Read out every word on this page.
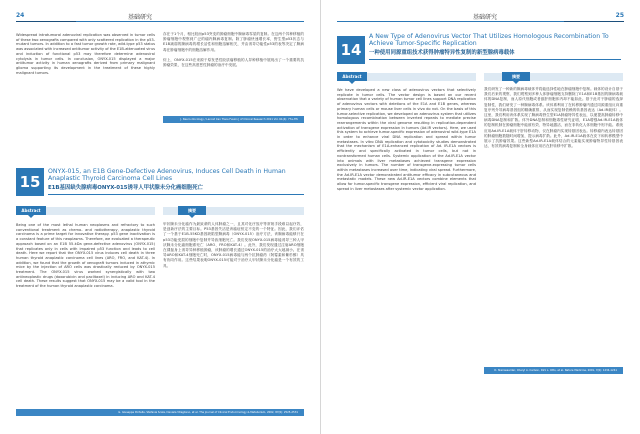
24	基础研究
Widespread intratumoral adenoviral replication was observed in tumor cells of these two xenografts compared with only scattered replication in the p53-mutant tumors. In addition to a fast tumor growth rate, wild-type p53 status was associated with increased antitumor activity of the E1B-attenuated virus and induction of functional p53 may therefore determine adenoviral cytolysis in tumor cells. In conclusion, ONYX-015 displayed a major antitumor activity in human xenografts derived from primary malignant glioma supporting its development in the treatment of these highly malignant tumors.
存在于1个月，相比较而p53突变的肿瘤细胞中腺病毒零星的复制。在这两个异种移植的肿瘤细胞中观察到广泛的瘤内腺病毒复制。除了肿瘤快速增长率，野生型p53状态与E1B减弱的腺病毒的增长活性和细胞溶解相关，并由诱导功能性p53的表等决定了腺病毒在肿瘤细胞中的细胞溶解作用。

综上，ONYX-015在来源于原发恶性胶质瘤移植的人异种移植中展现出了一个重要的抗肿瘤效果，在这些高度恶性肿瘤的治疗中发展。
J. Neuro-Oncology / Lancet Can Trans Fusion J of Clinical Research 2011 Vol. 61(4): 77a-7fb
15
ONYX-015, an E1B Gene-Defective Adenovirus, Induces Cell Death in Human Anaplastic Thyroid Carcinoma Cell Lines
E1B基因缺失腺病毒ONYX-015诱导人甲状腺未分化癌细胞死亡
Abstract	摘要
Being one of the most lethal human neoplasms and refractory to such conventional treatment as chemo- and radiotherapy, anaplastic thyroid carcinoma is a prime target for innovative therapy. p53 gene inactivation is a constant feature of this neoplasms. Therefore, we evaluated a therapeutic approach based on an E1B 55-kDa gene-defective adenovirus (ONYX-015) that replicates only in cells with impaired p53 function and leads to cell death. Here we report that the ONYX-015 virus induces cell death in three human thyroid anaplastic carcinoma cell lines (ARO, FRO, and KAT-4). In addition, we found that the growth of xenograft tumors induced in athymic mice by the injection of ARO cells was drastically reduced by ONYX-015 treatment. The ONYX-015 virus worked synergistically with two antineoplastic drugs (doxorubicin and paclitaxel) in inducing ARO and KAT-4 cell death. These results suggest that ONYX-015 may be a valid tool in the treatment of the human thyroid anaplastic carcinoma.
甲状腺未分化癌作为最致命的人体肿瘤之一，且其对化疗放疗等常规手段难以起疗效，是创新疗法的主要目标。P53基因失活是该癌症恒定不变的一个特征。因此，我们评估了一个基于E1B-55KD基因缺陷型腺病毒（ONYX-015）治疗方法，该腺病毒能够只在p53功能受损的细胞中复制并导致细胞死亡。我们发现ONYX-015病毒能诱导三种人甲状腺未分化癌细胞系死亡（ARO、FRO和KAT-4）。此外，我们发现通过注射ARO细胞在裸鼠身上诱导异种移植肿瘤，该肿瘤的增长通过ONYX-015的治疗大大地减小。在诱导ARO和KAT-4细胞死亡时，ONYX-015病毒能与两个抗肿瘤药（阿霉素和紫杉醇）具有协同作用。这些结果表明ONYX-015可能对于治疗人甲状腺未分化癌是一个有效的工具。
G. Giuseppe Portella, Stefania Scala, Daniela Vitagliano, et al. The Journal of Clinical Endocrinology & Metabolism, 2002, 87(6): 2525-2531
基础研究	25
14
A New Type of Adenovirus Vector That Utilizes Homologous Recombination To Achieve Tumor-Specific Replication
一种使用同源重组技术获得肿瘤特异性复制的新型腺病毒载体
Abstract	摘要
We have developed a new class of adenovirus vectors that selectively replicate in tumor cells. The vector design is based on our recent observation that a variety of human tumor cell lines support DNA replication of adenovirus vectors with deletions of the E1A and E1B genes, whereas primary human cells or mouse liver cells in vivo do not. On the basis of this tumor-selective replication, we developed an adenovirus system that utilizes homologous recombination between inverted repeats to mediate precise rearrangements within the viral genome resulting in replication-dependent activation of transgene expression in tumors (Ad.IR vectors). Here, we used this system to achieve tumor-specific expression of adenoviral wild-type E1A in order to enhance viral DNA replication and spread within tumor metastases. In vitro DNA replication and cytotoxicity studies demonstrated that the mechanism of E1A-enhanced replication of Ad. IR-E1A vectors is efficiently and specifically activated in tumor cells, but not in nontransformed human cells. Systemic application of the Ad.IR-E1A vector into animals with liver metastases achieved transgene expression exclusively in tumors. The number of transgene-expressing tumor cells within metastases increased over time, indicating viral spread. Furthermore, the Ad.IR-E1A vector demonstrated antitumor efficacy in subcutaneous and metastatic models. These new Ad.IR-E1A vectors combine elements that allow for tumor-specific transgene expression, efficient viral replication, and spread in liver metastases after systemic vector application.
我们研发了一种新的腺病毒载体并将能选择性地在肿瘤细胞中复制。载体的设计自基于我们后来的观察，我们观察到多种人体肿瘤细胞支持删除了E1A和E1B基因的腺病毒载体的DNA复制，而人原代细胞或者鼠肝细胞体内却不能如此。基于此对于肿瘤的选择复制性，我们研发了一种腺病毒体系。该体系利用了在转移肿瘤内通过同源重组反向重复序列介导病毒基因组的精确重排，从而实现复制依赖的转基因表达（Ad.IR载体）。这里，我们利用该体系实现了腺病毒野生型E1A肿瘤特异性表达，以便提高肿瘤转移中病毒DNA复制和扩散。体外DNA复制和细胞毒性研究证明，E1A增强Ad.IR-E1A载体的复制机制在肿瘤细胞中能被有效、特异地激活，而在非转化人体细胞中则不能。系统应用Ad.IR-E1A载体于肝转移动物，仅在肿瘤内实现转基因表达。转移瘤内表达转基因的肿瘤细胞数随时间增加，提示病毒扩散。此外，Ad.IR-E1A载体在皮下和转移模型中展示了抗肿瘤效果。这些新型Ad.IR-E1A载体结合的元素能实现肿瘤特异性转基因表达、有效的病毒复制和全身载体应用后在肝转移中扩散。
D. Steinwaerder, Cheryl A. Carlson, Dirk L. Otto, et al. Nature Medicine, 2001, 7(6): 1234-1241
